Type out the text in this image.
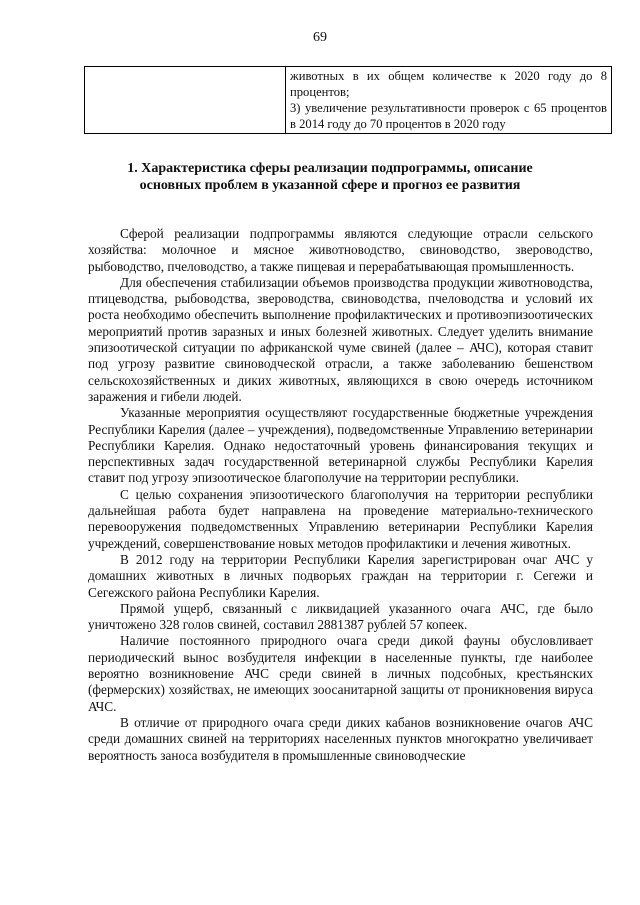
69

животных в их общем количестве к 2020 году до 8 процентов;
3) увеличение результативности проверок с 65 процентов в 2014 году до 70 процентов в 2020 году
1. Характеристика сферы реализации подпрограммы, описание
основных проблем в указанной сфере и прогноз ее развития

Сферой реализации подпрограммы являются следующие отрасли сельского хозяйства: молочное и мясное животноводство, свиноводство, звероводство, рыбоводство, пчеловодство, а также пищевая и перерабатывающая промышленность.

Для обеспечения стабилизации объемов производства продукции животноводства, птицеводства, рыбоводства, звероводства, свиноводства, пчеловодства и условий их роста необходимо обеспечить выполнение профилактических и противоэпизоотических мероприятий против заразных и иных болезней животных. Следует уделить внимание эпизоотической ситуации по африканской чуме свиней (далее – АЧС), которая ставит под угрозу развитие свиноводческой отрасли, а также заболеванию бешенством сельскохозяйственных и диких животных, являющихся в свою очередь источником заражения и гибели людей.

Указанные мероприятия осуществляют государственные бюджетные учреждения Республики Карелия (далее – учреждения), подведомственные Управлению ветеринарии Республики Карелия. Однако недостаточный уровень финансирования текущих и перспективных задач государственной ветеринарной службы Республики Карелия ставит под угрозу эпизоотическое благополучие на территории республики.

С целью сохранения эпизоотического благополучия на территории республики дальнейшая работа будет направлена на проведение материально-технического перевооружения подведомственных Управлению ветеринарии Республики Карелия учреждений, совершенствование новых методов профилактики и лечения животных.

В 2012 году на территории Республики Карелия зарегистрирован очаг АЧС у домашних животных в личных подворьях граждан на территории г. Сегежи и Сегежского района Республики Карелия.

Прямой ущерб, связанный с ликвидацией указанного очага АЧС, где было уничтожено 328 голов свиней, составил 2881387 рублей 57 копеек.

Наличие постоянного природного очага среди дикой фауны обусловливает периодический вынос возбудителя инфекции в населенные пункты, где наиболее вероятно возникновение АЧС среди свиней в личных подсобных, крестьянских (фермерских) хозяйствах, не имеющих зоосанитарной защиты от проникновения вируса АЧС.

В отличие от природного очага среди диких кабанов возникновение очагов АЧС среди домашних свиней на территориях населенных пунктов многократно увеличивает вероятность заноса возбудителя в промышленные свиноводческие
